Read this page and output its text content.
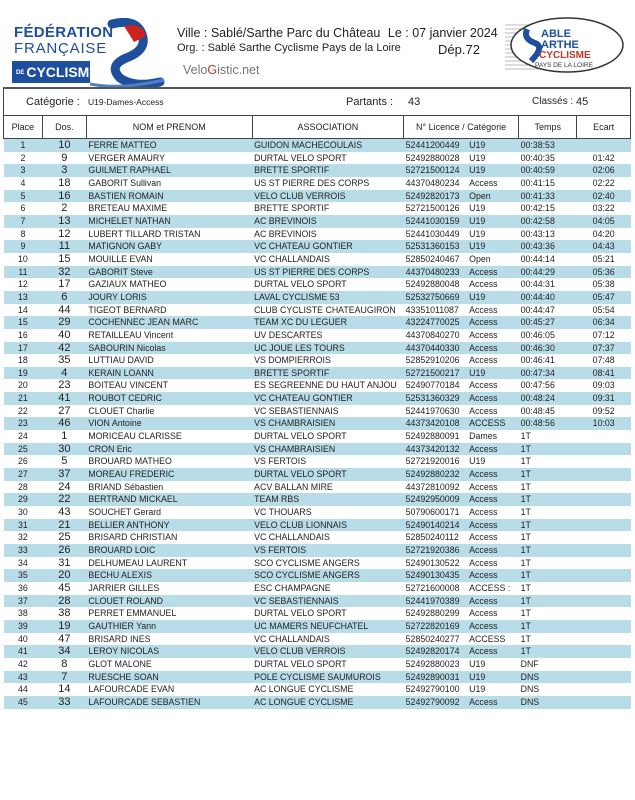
FÉDÉRATION
FRANÇAISE
DE CYCLISME
Ville : Sablé/Sarthe Parc du Château Le : 07 janvier 2024
Org. : Sablé Sarthe Cyclisme Pays de la Loire	Dép.72
VeloGistic.net
ABLE
ARTHE
CYCLISME
PAYS DE LA LOIRE
Catégorie : U19-Dames-Access	Partants : 43	Classés : 45
Place	Dos.	NOM et PRENOM	ASSOCIATION	N° Licence / Catégorie		Temps	Ecart
1	10	FERRE MATTEO	GUIDON MACHECOULAIS	52441200449	U19	00:38:53	
2	9	VERGER AMAURY	DURTAL VELO SPORT	52492880028	U19	00:40:35	01:42
3	3	GUILMET RAPHAEL	BRETTE SPORTIF	52721500124	U19	00:40:59	02:06
4	18	GABORIT Sullivan	US ST PIERRE DES CORPS	44370480234	Access	00:41:15	02:22
5	16	BASTIEN ROMAIN	VELO CLUB VERROIS	52492820173	Open	00:41:33	02:40
6	2	BRETEAU MAXIME	BRETTE SPORTIF	52721500126	U19	00:42:15	03:22
7	13	MICHELET NATHAN	AC BREVINOIS	52441030159	U19	00:42:58	04:05
8	12	LUBERT TILLARD TRISTAN	AC BREVINOIS	52441030449	U19	00:43:13	04:20
9	11	MATIGNON GABY	VC CHATEAU GONTIER	52531360153	U19	00:43:36	04:43
10	15	MOUILLE EVAN	VC CHALLANDAIS	52850240467	Open	00:44:14	05:21
11	32	GABORIT Steve	US ST PIERRE DES CORPS	44370480233	Access	00:44:29	05:36
12	17	GAZIAUX MATHEO	DURTAL VELO SPORT	52492880048	Access	00:44:31	05:38
13	6	JOURY LORIS	LAVAL CYCLISME 53	52532750669	U19	00:44:40	05:47
14	44	TIGEOT BERNARD	CLUB CYCLISTE CHATEAUGIRON	43351011087	Access	00:44:47	05:54
15	29	COCHENNEC JEAN MARC	TEAM XC DU LEGUER	43224770025	Access	00:45:27	06:34
16	40	RETAILLEAU Vincent	UV DESCARTES	44370840270	Access	00:46:05	07:12
17	42	SABOURIN Nicolas	UC JOUE LES TOURS	44370440330	Access	00:46:30	07:37
18	35	LUTTIAU DAVID	VS DOMPIERROIS	52852910206	Access	00:46:41	07:48
19	4	KERAIN LOANN	BRETTE SPORTIF	52721500217	U19	00:47:34	08:41
20	23	BOITEAU VINCENT	ES SEGREENNE DU HAUT ANJOU	52490770184	Access	00:47:56	09:03
21	41	ROUBOT CEDRIC	VC CHATEAU GONTIER	52531360329	Access	00:48:24	09:31
22	27	CLOUET Charlie	VC SEBASTIENNAIS	52441970630	Access	00:48:45	09:52
23	46	VION Antoine	VS CHAMBRAISIEN	44373420108	ACCESS	00:48:56	10:03
24	1	MORICEAU CLARISSE	DURTAL VELO SPORT	52492880091	Dames	1T	
25	30	CRON Eric	VS CHAMBRAISIEN	44373420132	Access	1T	
26	5	BROUARD MATHEO	VS FERTOIS	52721920016	U19	1T	
27	37	MOREAU FREDERIC	DURTAL VELO SPORT	52492880232	Access	1T	
28	24	BRIAND Sébastien	ACV BALLAN MIRE	44372810092	Access	1T	
29	22	BERTRAND MICKAEL	TEAM RBS	52492950009	Access	1T	
30	43	SOUCHET Gerard	VC THOUARS	50790600171	Access	1T	
31	21	BELLIER ANTHONY	VELO CLUB LIONNAIS	52490140214	Access	1T	
32	25	BRISARD CHRISTIAN	VC CHALLANDAIS	52850240112	Access	1T	
33	26	BROUARD LOIC	VS FERTOIS	52721920386	Access	1T	
34	31	DELHUMEAU LAURENT	SCO CYCLISME ANGERS	52490130522	Access	1T	
35	20	BECHU ALEXIS	SCO CYCLISME ANGERS	52490130435	Access	1T	
36	45	JARRIER GILLES	ESC CHAMPAGNE	52721600008	ACCESS :	1T	
37	28	CLOUET ROLAND	VC SEBASTIENNAIS	52441970389	Access	1T	
38	38	PERRET EMMANUEL	DURTAL VELO SPORT	52492880299	Access	1T	
39	19	GAUTHIER Yann	UC MAMERS NEUFCHATEL	52722820169	Access	1T	
40	47	BRISARD INES	VC CHALLANDAIS	52850240277	ACCESS	1T	
41	34	LEROY NICOLAS	VELO CLUB VERROIS	52492820174	Access	1T	
42	8	GLOT MALONE	DURTAL VELO SPORT	52492880023	U19	DNF	
43	7	RUESCHE SOAN	POLE CYCLISME SAUMUROIS	52492890031	U19	DNS	
44	14	LAFOURCADE EVAN	AC LONGUE CYCLISME	52492790100	U19	DNS	
45	33	LAFOURCADE SEBASTIEN	AC LONGUE CYCLISME	52492790092	Access	DNS	
